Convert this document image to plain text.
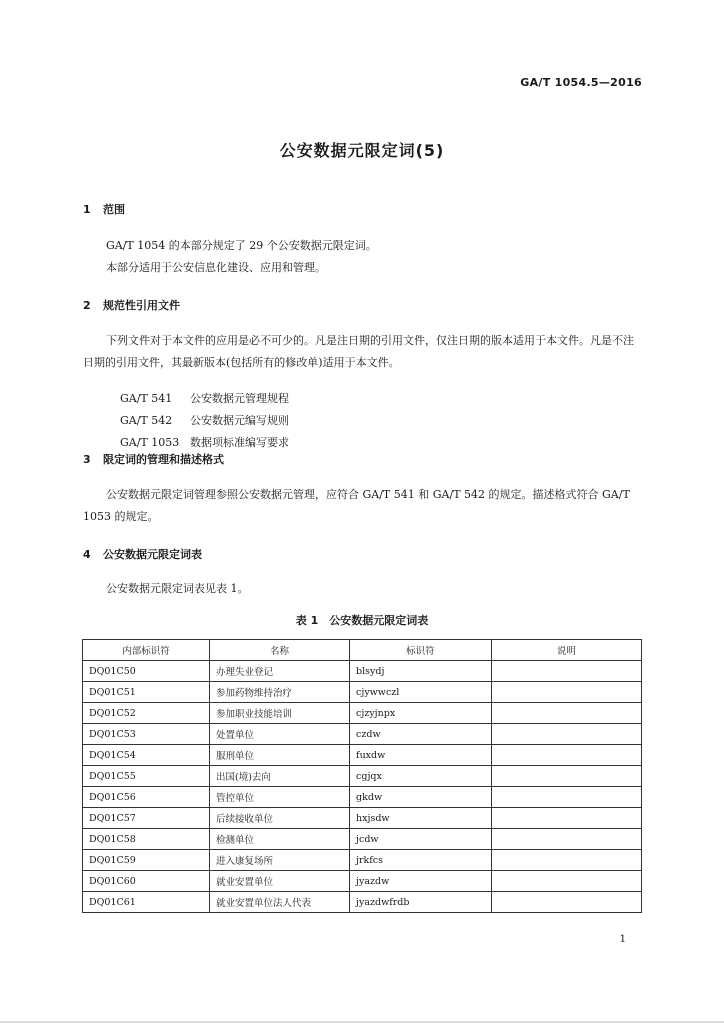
GA/T 1054.5—2016
公安数据元限定词(5)
1 范围
GA/T 1054 的本部分规定了 29 个公安数据元限定词。
本部分适用于公安信息化建设、应用和管理。
2 规范性引用文件
下列文件对于本文件的应用是必不可少的。凡是注日期的引用文件，仅注日期的版本适用于本文件。凡是不注日期的引用文件，其最新版本(包括所有的修改单)适用于本文件。

GA/T 541 公安数据元管理规程

GA/T 542 公安数据元编写规则

GA/T 1053 数据项标准编写要求

3 限定词的管理和描述格式
公安数据元限定词管理参照公安数据元管理，应符合 GA/T 541 和 GA/T 542 的规定。描述格式符合 GA/T 1053 的规定。
4 公安数据元限定词表
公安数据元限定词表见表 1。
表 1　公安数据元限定词表
内部标识符	名称	标识符	说明
DQ01C50	办理失业登记	blsydj	
DQ01C51	参加药物维持治疗	cjywwczl	
DQ01C52	参加职业技能培训	cjzyjnpx	
DQ01C53	处置单位	czdw	
DQ01C54	服刑单位	fuxdw	
DQ01C55	出国(境)去向	cgjqx	
DQ01C56	管控单位	gkdw	
DQ01C57	后续接收单位	hxjsdw	
DQ01C58	检测单位	jcdw	
DQ01C59	进入康复场所	jrkfcs	
DQ01C60	就业安置单位	jyazdw	
DQ01C61	就业安置单位法人代表	jyazdwfrdb	
1
